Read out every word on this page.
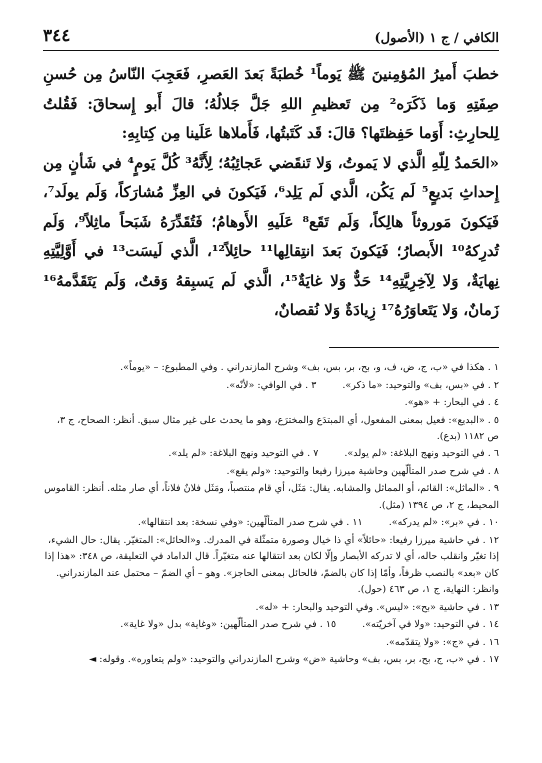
٣٤٤	الكافي / ج ١ (الأصول)

خطبَ أَميرُ المُؤمِنينَ ﷺ يَوماً¹ خُطبَةً بَعدَ العَصرِ، فَعَجِبَ النّاسُ مِن حُسنِ صِفَتِهِ وَما ذَكَرَه² مِن تَعظيمِ اللهِ جَلَّ جَلالُهُ؛ قالَ أَبو إِسحاقَ: فَقُلتُ لِلحارِثِ: أَوَما حَفِظتَها؟ قالَ: قَد كَتَبتُها، فَأَملاها عَلَينا مِن كِتابِهِ:

«الحَمدُ لِلّهِ الَّذي لا يَموتُ، وَلا تَنقَضي عَجائِبُهُ؛ لِأَنَّهُ³ كُلَّ يَومٍ⁴ في شَأنٍ مِن إِحداثِ بَديعٍ⁵ لَم يَكُن، الَّذي لَم يَلِد⁶، فَيَكونَ في العِزِّ مُشارَكاً، وَلَم يولَد⁷، فَيَكونَ مَوروثاً هالِكاً، وَلَم تَقَع⁸ عَلَيهِ الأَوهامُ؛ فَتُقَدِّرَهُ شَبَحاً ماثِلاً⁹، وَلَم تُدرِكهُ¹⁰ الأَبصارُ؛ فَيَكونَ بَعدَ انتِقالِها¹¹ حائِلاً¹²، الَّذي لَيسَت¹³ في أَوَّلِيَّتِهِ نِهايَةٌ، وَلا لِآخِرِيَّتِهِ¹⁴ حَدٌّ وَلا غايَةٌ¹⁵، الَّذي لَم يَسبِقهُ وَقتٌ، وَلَم يَتَقَدَّمهُ¹⁶ زَمانٌ، وَلا يَتَعاوَرُهُ¹⁷ زِيادَةٌ وَلا نُقصانٌ،

١ . هكذا في «ب، ج، ض، ف، و، بح، بر، بس، بف» وشرح المازندراني . وفي المطبوع: – «يوماً».
٢ . في «بس، بف» والتوحيد: «ما ذكر».
٣ . في الوافي: «لأنّه».
٤ . في البحار: + «هو».
٥ . «البديع»: فعيل بمعنى المفعول، أي المبتدَع والمخترَع، وهو ما يحدث على غير مثال سبق. أنظر: الصحاح، ج ٣، ص ١١٨٢ (بدع).
٦ . في التوحيد ونهج البلاغة: «لم يولد».
٧ . في التوحيد ونهج البلاغة: «لم يلد».
٨ . في شرح صدر المتألّهين وحاشية ميرزا رفيعا والتوحيد: «ولم يقع».
٩ . «الماثل»: القائم، أو المماثل والمشابه. يقال: مَثَل، أي قام منتصباً، ومَثَل فلانٌ فلاناً، أي صار مثله. أنظر: القاموس المحيط، ج ٢، ص ١٣٩٤ (مثل).
١٠ . في «بر»: «لم يدركه».
١١ . في شرح صدر المتألّهين: «وفي نسخة: بعد انتقالها».
١٢ . في حاشية ميرزا رفيعا: «حائلاً» أي ذا خيال وصورة متمثّلة في المدرك. و«الحائل»: المتغيّر. يقال: حال الشيء، إذا تغيّر وانقلب حاله، أي لا تدركه الأبصار وإلّا لكان بعد انتقالها عنه متغيّراً. قال الداماد في التعليقة، ص ٣٤٨: «هذا إذا كان «بعد» بالنصب ظرفاً، وأمّا إذا كان بالضمّ، فالحائل بمعنى الحاجز». وهو – أي الضمّ – محتمل عند المازندراني. وانظر: النهاية، ج ١، ص ٤٦٣ (حول).
١٣ . في حاشية «بح»: «ليس». وفي التوحيد والبحار: + «له».
١٤ . في التوحيد: «ولا في آخريّته».
١٥ . في شرح صدر المتألّهين: «وغاية» بدل «ولا غاية».
١٦ . في «ج»: «ولا يتقدّمه».
١٧ . في «ب، ج، بح، بر، بس، بف» وحاشية «ض» وشرح المازندراني والتوحيد: «ولم يتعاوره». وقوله: ◄
